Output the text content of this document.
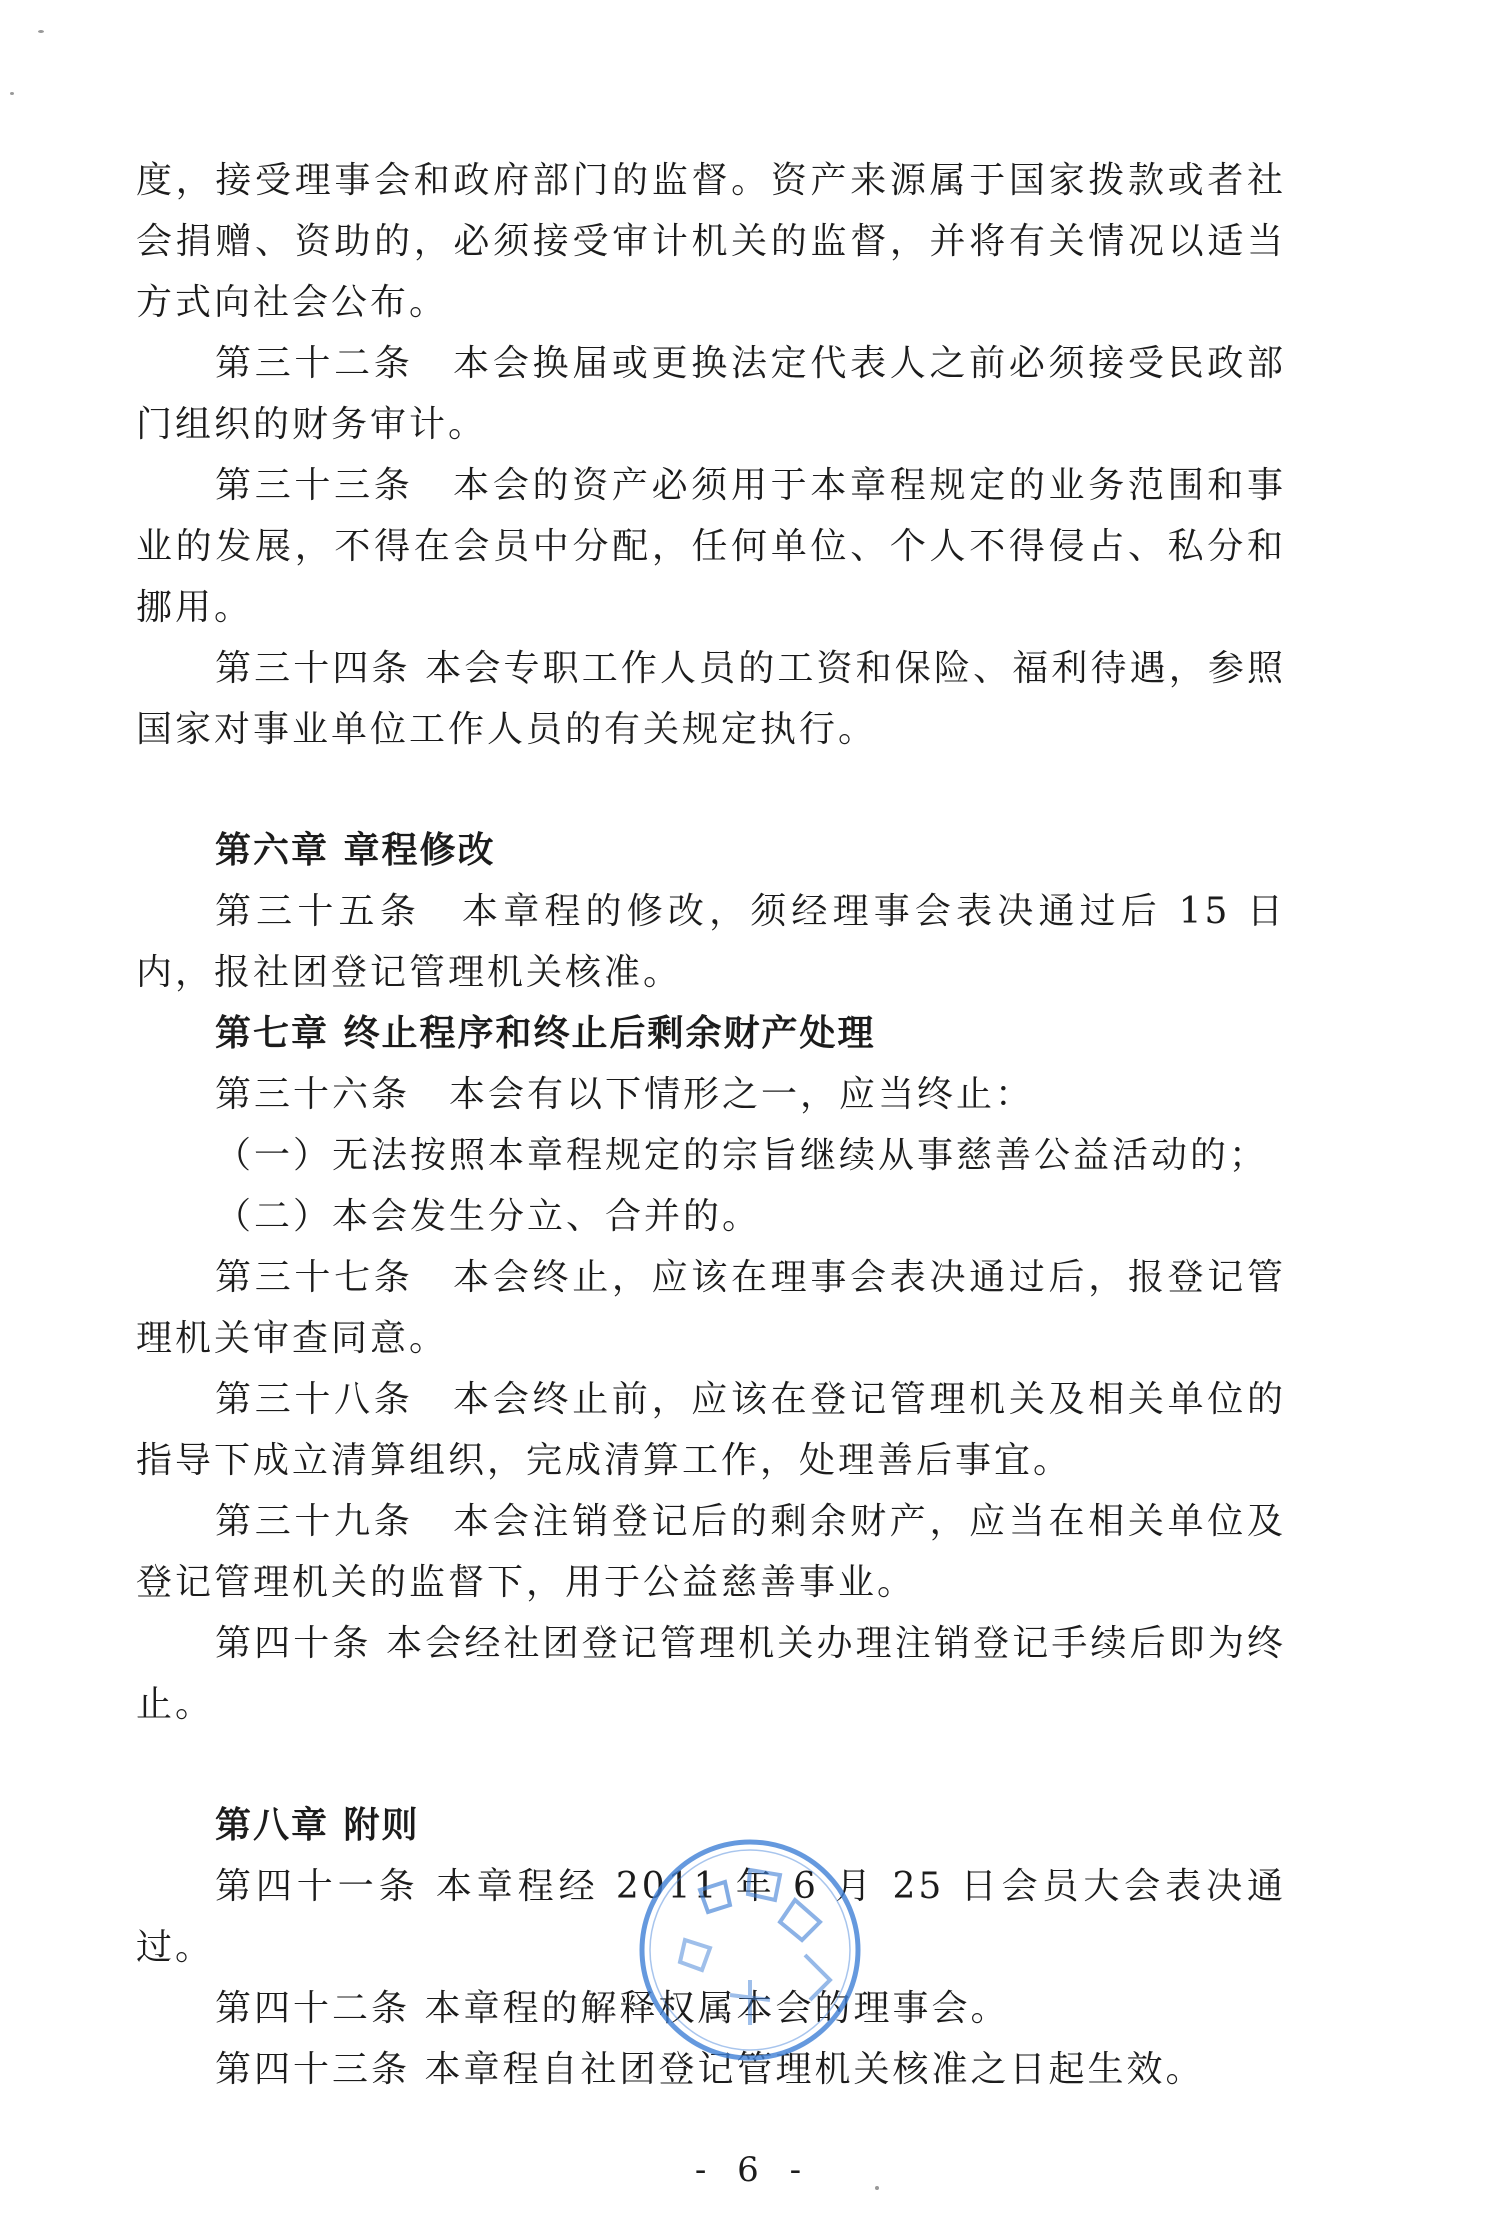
度，接受理事会和政府部门的监督。资产来源属于国家拨款或者社会捐赠、资助的，必须接受审计机关的监督，并将有关情况以适当方式向社会公布。

第三十二条　本会换届或更换法定代表人之前必须接受民政部门组织的财务审计。

第三十三条　本会的资产必须用于本章程规定的业务范围和事业的发展，不得在会员中分配，任何单位、个人不得侵占、私分和挪用。

第三十四条 本会专职工作人员的工资和保险、福利待遇，参照国家对事业单位工作人员的有关规定执行。

第六章 章程修改

第三十五条　本章程的修改，须经理事会表决通过后 15 日内，报社团登记管理机关核准。

第七章 终止程序和终止后剩余财产处理

第三十六条　本会有以下情形之一，应当终止：

（一）无法按照本章程规定的宗旨继续从事慈善公益活动的；

（二）本会发生分立、合并的。

第三十七条　本会终止，应该在理事会表决通过后，报登记管理机关审查同意。

第三十八条　本会终止前，应该在登记管理机关及相关单位的指导下成立清算组织，完成清算工作，处理善后事宜。

第三十九条　本会注销登记后的剩余财产，应当在相关单位及登记管理机关的监督下，用于公益慈善事业。

第四十条 本会经社团登记管理机关办理注销登记手续后即为终止。

第八章 附则

第四十一条 本章程经 2011 年 6 月 25 日会员大会表决通过。

第四十二条 本章程的解释权属本会的理事会。

第四十三条 本章程自社团登记管理机关核准之日起生效。

- 6 -
